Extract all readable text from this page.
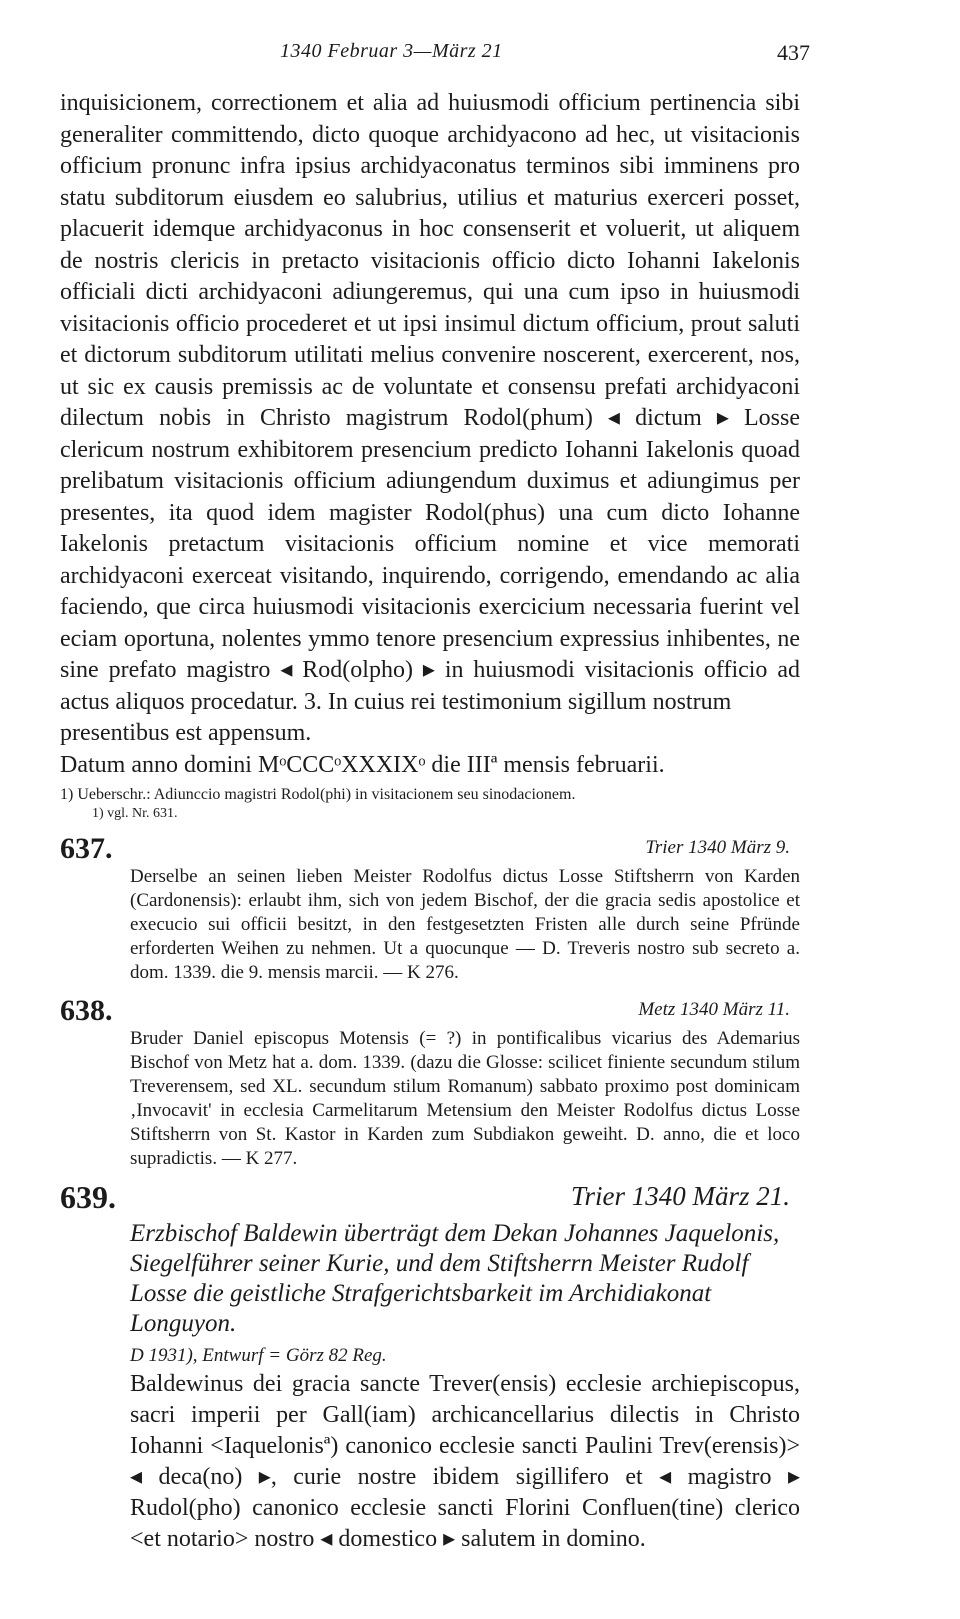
1340 Februar 3—März 21	437

inquisicionem, correctionem et alia ad huiusmodi officium pertinencia sibi generaliter committendo, dicto quoque archidyacono ad hec, ut visitacionis officium pronunc infra ipsius archidyaconatus terminos sibi imminens pro statu subditorum eiusdem eo salubrius, utilius et maturius exerceri posset, placuerit idemque archidyaconus in hoc consenserit et voluerit, ut aliquem de nostris clericis in pretacto visitacionis officio dicto Iohanni Iakelonis officiali dicti archidyaconi adiungeremus, qui una cum ipso in huiusmodi visitacionis officio procederet et ut ipsi insimul dictum officium, prout saluti et dictorum subditorum utilitati melius convenire noscerent, exercerent, nos, ut sic ex causis premissis ac de voluntate et consensu prefati archidyaconi dilectum nobis in Christo magistrum Rodol(phum) ◂ dictum ▸ Losse clericum nostrum exhibitorem presencium predicto Iohanni Iakelonis quoad prelibatum visitacionis officium adiungendum duximus et adiungimus per presentes, ita quod idem magister Rodol(phus) una cum dicto Iohanne Iakelonis pretactum visitacionis officium nomine et vice memorati archidyaconi exerceat visitando, inquirendo, corrigendo, emendando ac alia faciendo, que circa huiusmodi visitacionis exercicium necessaria fuerint vel eciam oportuna, nolentes ymmo tenore presencium expressius inhibentes, ne sine prefato magistro ◂ Rod(olpho) ▸ in huiusmodi visitacionis officio ad actus aliquos procedatur. 3. In cuius rei testimonium sigillum nostrum

presentibus est appensum.

Datum anno domini MᵒCCCᵒXXXIXᵒ die IIIª mensis februarii.

1) Ueberschr.: Adiunccio magistri Rodol(phi) in visitacionem seu sinodacionem.

1) vgl. Nr. 631.

637.	Trier 1340 März 9.

Derselbe an seinen lieben Meister Rodolfus dictus Losse Stiftsherrn von Karden (Cardonensis): erlaubt ihm, sich von jedem Bischof, der die gracia sedis apostolice et execucio sui officii besitzt, in den festgesetzten Fristen alle durch seine Pfründe erforderten Weihen zu nehmen. Ut a quocunque — D. Treveris nostro sub secreto a. dom. 1339. die 9. mensis marcii. — K 276.

638.	Metz 1340 März 11.

Bruder Daniel episcopus Motensis (= ?) in pontificalibus vicarius des Ademarius Bischof von Metz hat a. dom. 1339. (dazu die Glosse: scilicet finiente secundum stilum Treverensem, sed XL. secundum stilum Romanum) sabbato proximo post dominicam ‚Invocavit' in ecclesia Carmelitarum Metensium den Meister Rodolfus dictus Losse Stiftsherrn von St. Kastor in Karden zum Subdiakon geweiht. D. anno, die et loco supradictis. — K 277.

639.	Trier 1340 März 21.

Erzbischof Baldewin überträgt dem Dekan Johannes Jaquelonis, Siegelführer seiner Kurie, und dem Stiftsherrn Meister Rudolf Losse die geistliche Strafgerichtsbarkeit im Archidiakonat Longuyon.

D 1931), Entwurf = Görz 82 Reg.

Baldewinus dei gracia sancte Trever(ensis) ecclesie archiepiscopus, sacri imperii per Gall(iam) archicancellarius dilectis in Christo Iohanni <Iaquelonisª) canonico ecclesie sancti Paulini Trev(erensis)> ◂ deca(no) ▸, curie nostre ibidem sigillifero et ◂ magistro ▸ Rudol(pho) canonico ecclesie sancti Florini Confluen(tine) clerico <et notario> nostro ◂ domestico ▸ salutem in domino.
